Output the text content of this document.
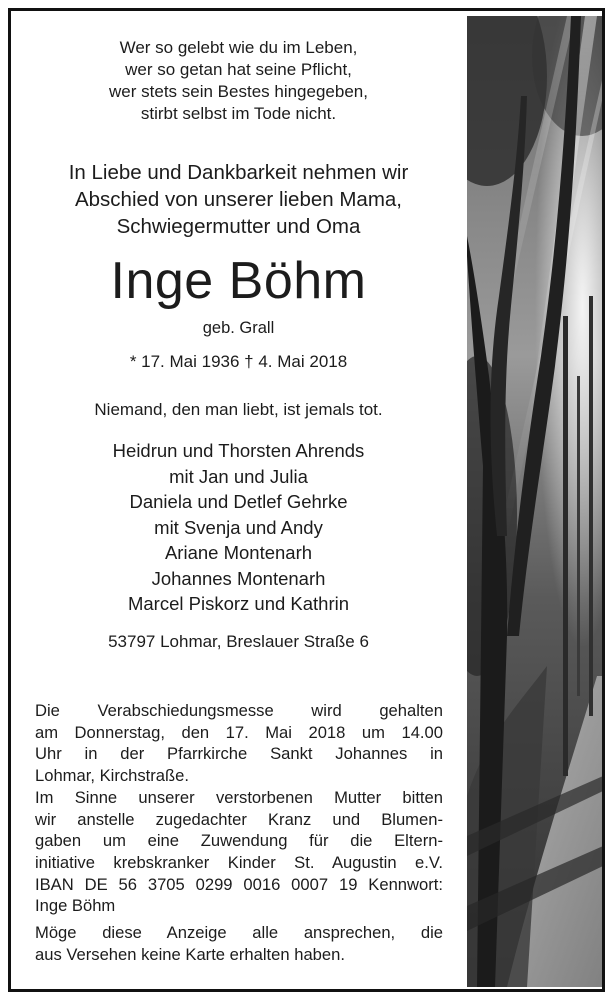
Wer so gelebt wie du im Leben,
wer so getan hat seine Pflicht,
wer stets sein Bestes hingegeben,
stirbt selbst im Tode nicht.
In Liebe und Dankbarkeit nehmen wir
Abschied von unserer lieben Mama,
Schwiegermutter und Oma
Inge Böhm
geb. Grall
* 17. Mai 1936 † 4. Mai 2018
Niemand, den man liebt, ist jemals tot.
Heidrun und Thorsten Ahrends
mit Jan und Julia
Daniela und Detlef Gehrke
mit Svenja und Andy
Ariane Montenarh
Johannes Montenarh
Marcel Piskorz und Kathrin
53797 Lohmar, Breslauer Straße 6
Die Verabschiedungsmesse wird gehalten
am Donnerstag, den 17. Mai 2018 um 14.00
Uhr in der Pfarrkirche Sankt Johannes in
Lohmar, Kirchstraße.
Im Sinne unserer verstorbenen Mutter bitten
wir anstelle zugedachter Kranz und Blumen-
gaben um eine Zuwendung für die Eltern-
initiative krebskranker Kinder St. Augustin e.V.
IBAN DE 56 3705 0299 0016 0007 19 Kennwort:
Inge Böhm
Möge diese Anzeige alle ansprechen, die
aus Versehen keine Karte erhalten haben.
